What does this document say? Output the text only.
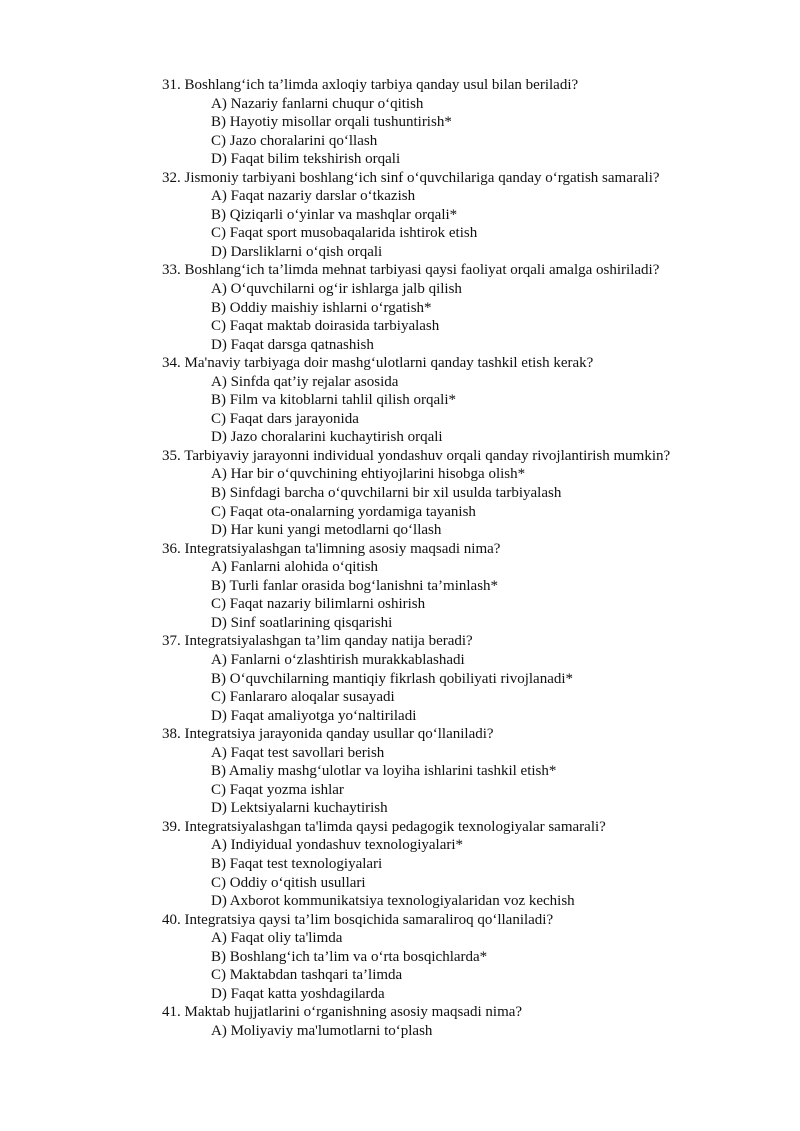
31. Boshlang‘ich ta’limda axloqiy tarbiya qanday usul bilan beriladi?
A) Nazariy fanlarni chuqur o‘qitish
B) Hayotiy misollar orqali tushuntirish*
C) Jazo choralarini qo‘llash
D) Faqat bilim tekshirish orqali
32. Jismoniy tarbiyani boshlang‘ich sinf o‘quvchilariga qanday o‘rgatish samarali?
A) Faqat nazariy darslar o‘tkazish
B) Qiziqarli o‘yinlar va mashqlar orqali*
C) Faqat sport musobaqalarida ishtirok etish
D) Darsliklarni o‘qish orqali
33. Boshlang‘ich ta’limda mehnat tarbiyasi qaysi faoliyat orqali amalga oshiriladi?
A) O‘quvchilarni og‘ir ishlarga jalb qilish
B) Oddiy maishiy ishlarni o‘rgatish*
C) Faqat maktab doirasida tarbiyalash
D) Faqat darsga qatnashish
34. Ma'naviy tarbiyaga doir mashg‘ulotlarni qanday tashkil etish kerak?
A) Sinfda qat’iy rejalar asosida
B) Film va kitoblarni tahlil qilish orqali*
C) Faqat dars jarayonida
D) Jazo choralarini kuchaytirish orqali
35. Tarbiyaviy jarayonni individual yondashuv orqali qanday rivojlantirish mumkin?
A) Har bir o‘quvchining ehtiyojlarini hisobga olish*
B) Sinfdagi barcha o‘quvchilarni bir xil usulda tarbiyalash
C) Faqat ota-onalarning yordamiga tayanish
D) Har kuni yangi metodlarni qo‘llash
36. Integratsiyalashgan ta'limning asosiy maqsadi nima?
A) Fanlarni alohida o‘qitish
B) Turli fanlar orasida bog‘lanishni ta’minlash*
C) Faqat nazariy bilimlarni oshirish
D) Sinf soatlarining qisqarishi
37. Integratsiyalashgan ta’lim qanday natija beradi?
A) Fanlarni o‘zlashtirish murakkablashadi
B) O‘quvchilarning mantiqiy fikrlash qobiliyati rivojlanadi*
C) Fanlararo aloqalar susayadi
D) Faqat amaliyotga yo‘naltiriladi
38. Integratsiya jarayonida qanday usullar qo‘llaniladi?
A) Faqat test savollari berish
B) Amaliy mashg‘ulotlar va loyiha ishlarini tashkil etish*
C) Faqat yozma ishlar
D) Lektsiyalarni kuchaytirish
39. Integratsiyalashgan ta'limda qaysi pedagogik texnologiyalar samarali?
A) Indiyidual yondashuv texnologiyalari*
B) Faqat test texnologiyalari
C) Oddiy o‘qitish usullari
D) Axborot kommunikatsiya texnologiyalaridan voz kechish
40. Integratsiya qaysi ta’lim bosqichida samaraliroq qo‘llaniladi?
A) Faqat oliy ta'limda
B) Boshlang‘ich ta’lim va o‘rta bosqichlarda*
C) Maktabdan tashqari ta’limda
D) Faqat katta yoshdagilarda
41. Maktab hujjatlarini o‘rganishning asosiy maqsadi nima?
A) Moliyaviy ma'lumotlarni to‘plash
